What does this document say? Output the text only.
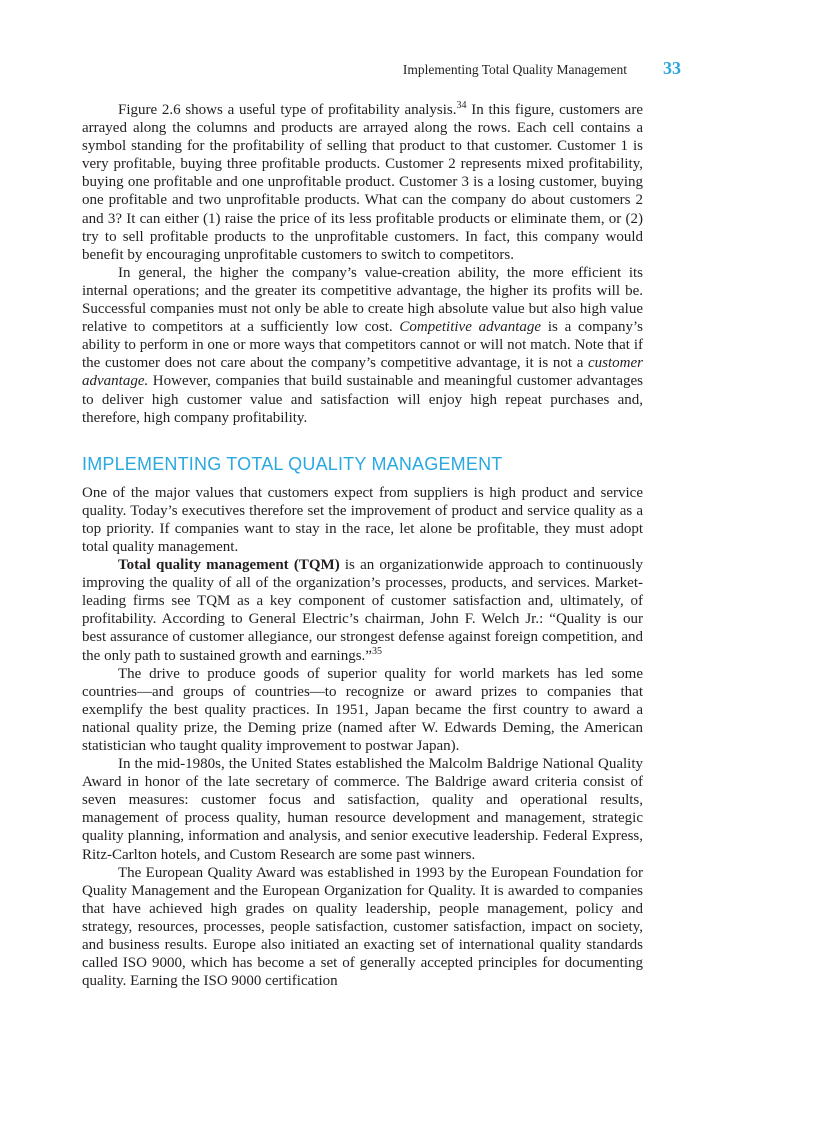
Implementing Total Quality Management 33

Figure 2.6 shows a useful type of profitability analysis.$^{34}$ In this figure, customers are arrayed along the columns and products are arrayed along the rows. Each cell contains a symbol standing for the profitability of selling that product to that customer. Customer 1 is very profitable, buying three profitable products. Customer 2 represents mixed profitability, buying one profitable and one unprofitable product. Customer 3 is a losing customer, buying one profitable and two unprofitable products. What can the company do about customers 2 and 3? It can either (1) raise the price of its less profitable products or eliminate them, or (2) try to sell profitable products to the unprofitable customers. In fact, this company would benefit by encouraging unprofitable customers to switch to competitors.

In general, the higher the company’s value-creation ability, the more efficient its internal operations; and the greater its competitive advantage, the higher its profits will be. Successful companies must not only be able to create high absolute value but also high value relative to competitors at a sufficiently low cost. Competitive advantage is a company’s ability to perform in one or more ways that competitors cannot or will not match. Note that if the customer does not care about the company’s competitive advantage, it is not a customer advantage. However, companies that build sustainable and meaningful customer advantages to deliver high customer value and satisfaction will enjoy high repeat purchases and, therefore, high company profitability.

IMPLEMENTING TOTAL QUALITY MANAGEMENT

One of the major values that customers expect from suppliers is high product and service quality. Today’s executives therefore set the improvement of product and service quality as a top priority. If companies want to stay in the race, let alone be profitable, they must adopt total quality management.

Total quality management (TQM) is an organizationwide approach to continuously improving the quality of all of the organization’s processes, products, and services. Market-leading firms see TQM as a key component of customer satisfaction and, ultimately, of profitability. According to General Electric’s chairman, John F. Welch Jr.: “Quality is our best assurance of customer allegiance, our strongest defense against foreign competition, and the only path to sustained growth and earnings.”$^{35}$

The drive to produce goods of superior quality for world markets has led some countries—and groups of countries—to recognize or award prizes to companies that exemplify the best quality practices. In 1951, Japan became the first country to award a national quality prize, the Deming prize (named after W. Edwards Deming, the American statistician who taught quality improvement to postwar Japan).

In the mid-1980s, the United States established the Malcolm Baldrige National Quality Award in honor of the late secretary of commerce. The Baldrige award criteria consist of seven measures: customer focus and satisfaction, quality and operational results, management of process quality, human resource development and management, strategic quality planning, information and analysis, and senior executive leadership. Federal Express, Ritz-Carlton hotels, and Custom Research are some past winners.

The European Quality Award was established in 1993 by the European Foundation for Quality Management and the European Organization for Quality. It is awarded to companies that have achieved high grades on quality leadership, people management, policy and strategy, resources, processes, people satisfaction, customer satisfaction, impact on society, and business results. Europe also initiated an exacting set of international quality standards called ISO 9000, which has become a set of generally accepted principles for documenting quality. Earning the ISO 9000 certification
